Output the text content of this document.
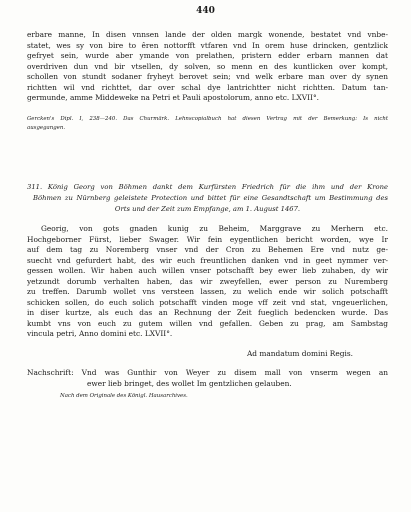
440
erbare manne, In disen vnnsen lande der olden margk wonende, bestatet vnd vnbe-
statet, wes sy von bire to êren nottorfft vtfaren vnd In orem huse drincken, gentzlick
gefryet sein, wurde aber ymande von prelathen, pristern edder erbarn mannen dat
overdriven dun vnd bir vtsellen, dy solven, so menn en des kuntlicken over kompt,
schollen von stundt sodaner fryheyt berovet sein; vnd welk erbare man over dy synen
richtten wil vnd richttet, dar over schal dye lantrichtter nicht richtten. Datum tan-
germunde, amme Middeweke na Petri et Pauli apostolorum, anno etc. LXVII°.
Gercken's Dipl. I, 238—240. Das Churmärk. Lehnscopialbuch hat diesen Vertrag mit der Bemerkung: Is nicht
ausgegangen.
311. König Georg von Böhmen dankt dem Kurfürsten Friedrich für die ihm und der Krone
Böhmen zu Nürnberg geleistete Protection und bittet für eine Gesandtschaft um Bestimmung des
Orts und der Zeit zum Empfange, am 1. August 1467.
Georig, von gots gnaden kunig zu Beheim, Marggrave zu Merhern etc.
Hochgeborner Fürst, lieber Swager. Wir fein eygentlichen bericht worden, wye Ir
auf dem tag zu Noremberg vnser vnd der Cron zu Behemen Ere vnd nutz ge-
suecht vnd gefurdert habt, des wir euch freuntlichen danken vnd in geet nymmer ver-
gessen wollen. Wir haben auch willen vnser potschafft bey ewer lieb zuhaben, dy wir
yetzundt dorumb verhalten haben, das wir zweyfellen, ewer person zu Nuremberg
zu treffen. Darumb wollet vns versteen lassen, zu welich ende wir solich potschafft
schicken sollen, do euch solich potschafft vinden moge vff zeit vnd stat, vngeuerlichen,
in diser kurtze, als euch das an Rechnung der Zeit fueglich bedencken wurde. Das
kumbt vns von euch zu gutem willen vnd gefallen. Geben zu prag, am Sambstag
vincula petri, Anno domini etc. LXVII°.
Ad mandatum domini Regis.
Nachschrift: Vnd was Gunthir von Weyer zu disem mall von vnserm wegen an
ewer lieb bringet, des wollet Im gentzlichen gelauben.
Nach dem Originale des Königl. Hausarchives.
